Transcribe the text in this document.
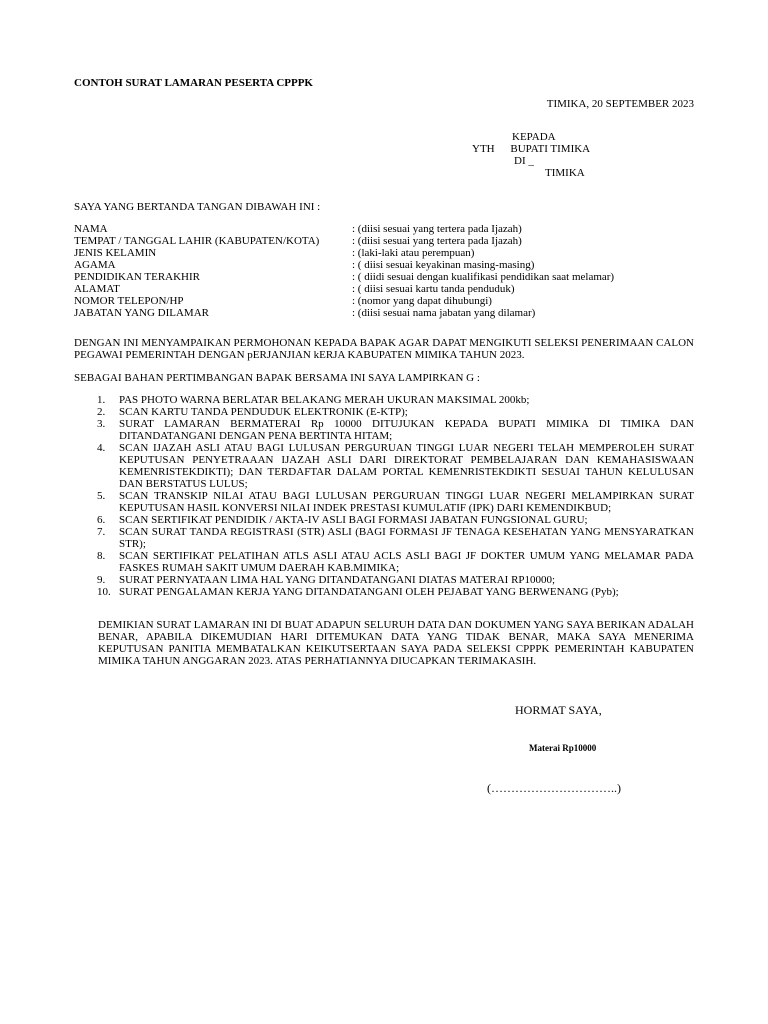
CONTOH SURAT LAMARAN PESERTA CPPPK
TIMIKA, 20 SEPTEMBER 2023
KEPADA
YTH BUPATI TIMIKA
DI _
TIMIKA
SAYA YANG BERTANDA TANGAN DIBAWAH INI :
NAMA	: (diisi sesuai yang tertera pada Ijazah)
TEMPAT / TANGGAL LAHIR (KABUPATEN/KOTA)	: (diisi sesuai yang tertera pada Ijazah)
JENIS KELAMIN	: (laki-laki atau perempuan)
AGAMA	: ( diisi sesuai keyakinan masing-masing)
PENDIDIKAN TERAKHIR	: ( diidi sesuai dengan kualifikasi pendidikan saat melamar)
ALAMAT	: ( diisi sesuai kartu tanda penduduk)
NOMOR TELEPON/HP	: (nomor yang dapat dihubungi)
JABATAN YANG DILAMAR	: (diisi sesuai nama jabatan yang dilamar)
DENGAN INI MENYAMPAIKAN PERMOHONAN KEPADA BAPAK AGAR DAPAT MENGIKUTI SELEKSI PENERIMAAN CALON PEGAWAI PEMERINTAH DENGAN pERJANJIAN kERJA KABUPATEN MIMIKA TAHUN 2023.
SEBAGAI BAHAN PERTIMBANGAN BAPAK BERSAMA INI SAYA LAMPIRKAN G :
1.	PAS PHOTO WARNA BERLATAR BELAKANG MERAH UKURAN MAKSIMAL 200kb;
2.	SCAN KARTU TANDA PENDUDUK ELEKTRONIK (E-KTP);
3.	SURAT LAMARAN BERMATERAI Rp 10000 DITUJUKAN KEPADA BUPATI MIMIKA DI TIMIKA DAN DITANDATANGANI DENGAN PENA BERTINTA HITAM;
4.	SCAN IJAZAH ASLI ATAU BAGI LULUSAN PERGURUAN TINGGI LUAR NEGERI TELAH MEMPEROLEH SURAT KEPUTUSAN PENYETRAAAN IJAZAH ASLI DARI DIREKTORAT PEMBELAJARAN DAN KEMAHASISWAAN KEMENRISTEKDIKTI); DAN TERDAFTAR DALAM PORTAL KEMENRISTEKDIKTI SESUAI TAHUN KELULUSAN DAN BERSTATUS LULUS;
5.	SCAN TRANSKIP NILAI ATAU BAGI LULUSAN PERGURUAN TINGGI LUAR NEGERI MELAMPIRKAN SURAT KEPUTUSAN HASIL KONVERSI NILAI INDEK PRESTASI KUMULATIF (IPK) DARI KEMENDIKBUD;
6.	SCAN SERTIFIKAT PENDIDIK / AKTA-IV ASLI BAGI FORMASI JABATAN FUNGSIONAL GURU;
7.	SCAN SURAT TANDA REGISTRASI (STR) ASLI (BAGI FORMASI JF TENAGA KESEHATAN YANG MENSYARATKAN STR);
8.	SCAN SERTIFIKAT PELATIHAN ATLS ASLI ATAU ACLS ASLI BAGI JF DOKTER UMUM YANG MELAMAR PADA FASKES RUMAH SAKIT UMUM DAERAH KAB.MIMIKA;
9.	SURAT PERNYATAAN LIMA HAL YANG DITANDATANGANI DIATAS MATERAI RP10000;
10. SURAT PENGALAMAN KERJA YANG DITANDATANGANI OLEH PEJABAT YANG BERWENANG (Pyb);
DEMIKIAN SURAT LAMARAN INI DI BUAT ADAPUN SELURUH DATA DAN DOKUMEN YANG SAYA BERIKAN ADALAH BENAR, APABILA DIKEMUDIAN HARI DITEMUKAN DATA YANG TIDAK BENAR, MAKA SAYA MENERIMA KEPUTUSAN PANITIA MEMBATALKAN KEIKUTSERTAAN SAYA PADA SELEKSI CPPPK PEMERINTAH KABUPATEN MIMIKA TAHUN ANGGARAN 2023. ATAS PERHATIANNYA DIUCAPKAN TERIMAKASIH.
HORMAT SAYA,
Materai Rp10000
(…………………………..)
